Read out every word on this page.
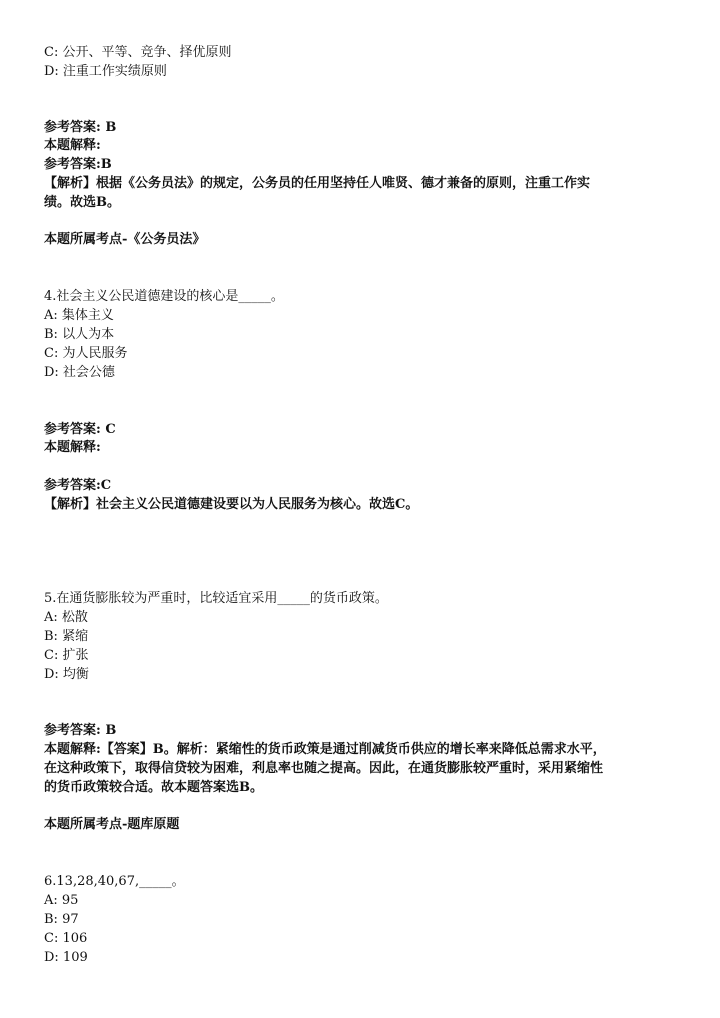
C: 公开、平等、竞争、择优原则
D: 注重工作实绩原则
参考答案: B
本题解释:
参考答案:B
【解析】根据《公务员法》的规定，公务员的任用坚持任人唯贤、德才兼备的原则，注重工作实
绩。故选B。
本题所属考点-《公务员法》
4.社会主义公民道德建设的核心是_____。
A: 集体主义
B: 以人为本
C: 为人民服务
D: 社会公德
参考答案: C
本题解释:
参考答案:C
【解析】社会主义公民道德建设要以为人民服务为核心。故选C。
5.在通货膨胀较为严重时，比较适宜采用_____的货币政策。
A: 松散
B: 紧缩
C: 扩张
D: 均衡
参考答案: B
本题解释:【答案】B。解析：紧缩性的货币政策是通过削减货币供应的增长率来降低总需求水平，
在这种政策下，取得信贷较为困难，利息率也随之提高。因此，在通货膨胀较严重时，采用紧缩性
的货币政策较合适。故本题答案选B。
本题所属考点-题库原题
6.13,28,40,67,_____。
A: 95
B: 97
C: 106
D: 109
